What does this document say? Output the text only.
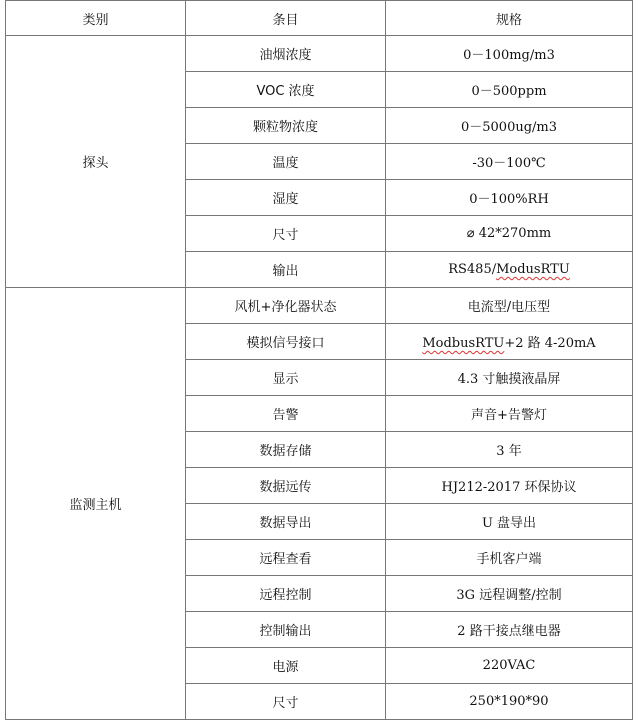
类别	条目	规格
探头	油烟浓度	0－100mg/m3
	VOC 浓度	0－500ppm
	颗粒物浓度	0－5000ug/m3
	温度	-30－100℃
	湿度	0－100%RH
	尺寸	⌀ 42*270mm
	输出	RS485/ModusRTU
监测主机	风机+净化器状态	电流型/电压型
	模拟信号接口	ModbusRTU+2 路 4-20mA
	显示	4.3 寸触摸液晶屏
	告警	声音+告警灯
	数据存储	3 年
	数据远传	HJ212-2017 环保协议
	数据导出	U 盘导出
	远程查看	手机客户端
	远程控制	3G 远程调整/控制
	控制输出	2 路干接点继电器
	电源	220VAC
	尺寸	250*190*90
